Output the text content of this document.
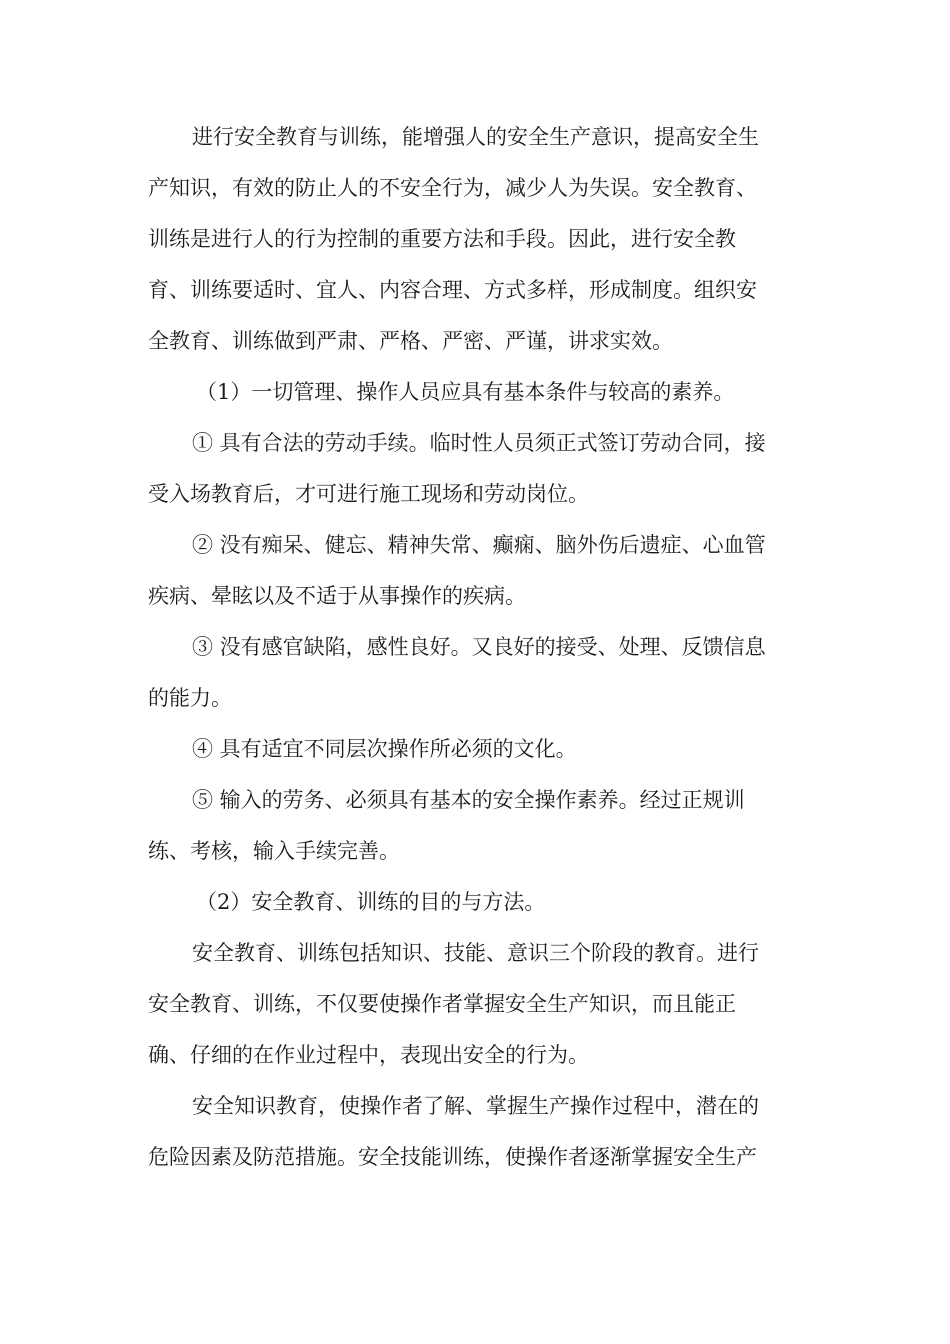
进行安全教育与训练，能增强人的安全生产意识，提高安全生
产知识，有效的防止人的不安全行为，减少人为失误。安全教育、
训练是进行人的行为控制的重要方法和手段。因此，进行安全教
育、训练要适时、宜人、内容合理、方式多样，形成制度。组织安
全教育、训练做到严肃、严格、严密、严谨，讲求实效。
（1）一切管理、操作人员应具有基本条件与较高的素养。
① 具有合法的劳动手续。临时性人员须正式签订劳动合同，接
受入场教育后，才可进行施工现场和劳动岗位。
② 没有痴呆、健忘、精神失常、癫痫、脑外伤后遗症、心血管
疾病、晕眩以及不适于从事操作的疾病。
③ 没有感官缺陷，感性良好。又良好的接受、处理、反馈信息
的能力。
④ 具有适宜不同层次操作所必须的文化。
⑤ 输入的劳务、必须具有基本的安全操作素养。经过正规训
练、考核，输入手续完善。
（2）安全教育、训练的目的与方法。
安全教育、训练包括知识、技能、意识三个阶段的教育。进行
安全教育、训练，不仅要使操作者掌握安全生产知识，而且能正
确、仔细的在作业过程中，表现出安全的行为。
安全知识教育，使操作者了解、掌握生产操作过程中，潜在的
危险因素及防范措施。安全技能训练，使操作者逐渐掌握安全生产
